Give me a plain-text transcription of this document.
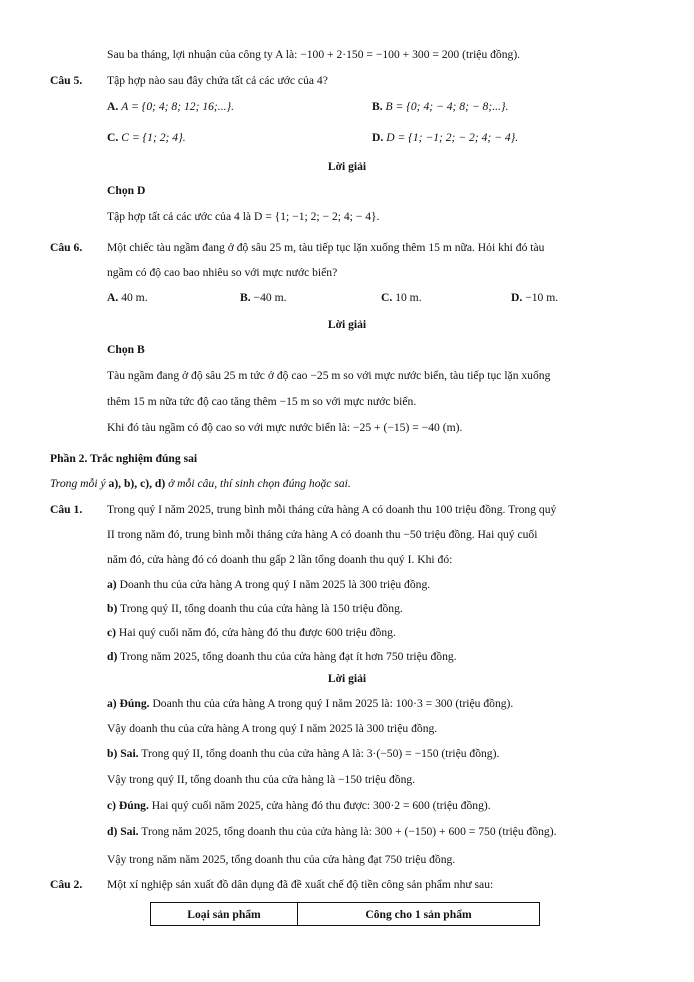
Sau ba tháng, lợi nhuận của công ty A là: −100 + 2·150 = −100 + 300 = 200 (triệu đồng).
Câu 5. Tập hợp nào sau đây chứa tất cả các ước của 4?
A. A = {0; 4; 8; 12; 16;...}.	B. B = {0; 4; − 4; 8; − 8;...}.
C. C = {1; 2; 4}.	D. D = {1; −1; 2; − 2; 4; − 4}.
Lời giải
Chọn D
Tập hợp tất cả các ước của 4 là D = {1; −1; 2; − 2; 4; − 4}.
Câu 6. Một chiếc tàu ngầm đang ở độ sâu 25 m, tàu tiếp tục lặn xuống thêm 15 m nữa. Hỏi khi đó tàu
ngầm có độ cao bao nhiêu so với mực nước biển?
A. 40 m.	B. −40 m.	C. 10 m.	D. −10 m.
Lời giải
Chọn B
Tàu ngầm đang ở độ sâu 25 m tức ở độ cao −25 m so với mực nước biển, tàu tiếp tục lặn xuống
thêm 15 m nữa tức độ cao tăng thêm −15 m so với mực nước biển.
Khi đó tàu ngầm có độ cao so với mực nước biển là: −25 + (−15) = −40 (m).
Phần 2. Trắc nghiệm đúng sai
Trong mỗi ý a), b), c), d) ở mỗi câu, thí sinh chọn đúng hoặc sai.
Câu 1. Trong quý I năm 2025, trung bình mỗi tháng cửa hàng A có doanh thu 100 triệu đồng. Trong quý
II trong năm đó, trung bình mỗi tháng cửa hàng A có doanh thu −50 triệu đồng. Hai quý cuối
năm đó, cửa hàng đó có doanh thu gấp 2 lần tổng doanh thu quý I. Khi đó:
a) Doanh thu của cửa hàng A trong quý I năm 2025 là 300 triệu đồng.
b) Trong quý II, tổng doanh thu của cửa hàng là 150 triệu đồng.
c) Hai quý cuối năm đó, cửa hàng đó thu được 600 triệu đồng.
d) Trong năm 2025, tổng doanh thu của cửa hàng đạt ít hơn 750 triệu đồng.
Lời giải
a) Đúng. Doanh thu của cửa hàng A trong quý I năm 2025 là: 100·3 = 300 (triệu đồng).
Vậy doanh thu của cửa hàng A trong quý I năm 2025 là 300 triệu đồng.
b) Sai. Trong quý II, tổng doanh thu của cửa hàng A là: 3·(−50) = −150 (triệu đồng).
Vậy trong quý II, tổng doanh thu của cửa hàng là −150 triệu đồng.
c) Đúng. Hai quý cuối năm 2025, cửa hàng đó thu được: 300·2 = 600 (triệu đồng).
d) Sai. Trong năm 2025, tổng doanh thu của cửa hàng là: 300 + (−150) + 600 = 750 (triệu đồng).
Vậy trong năm năm 2025, tổng doanh thu của cửa hàng đạt 750 triệu đồng.
Câu 2. Một xí nghiệp sản xuất đồ dân dụng đã đề xuất chế độ tiền công sản phẩm như sau:
Loại sản phẩm	Công cho 1 sản phẩm
